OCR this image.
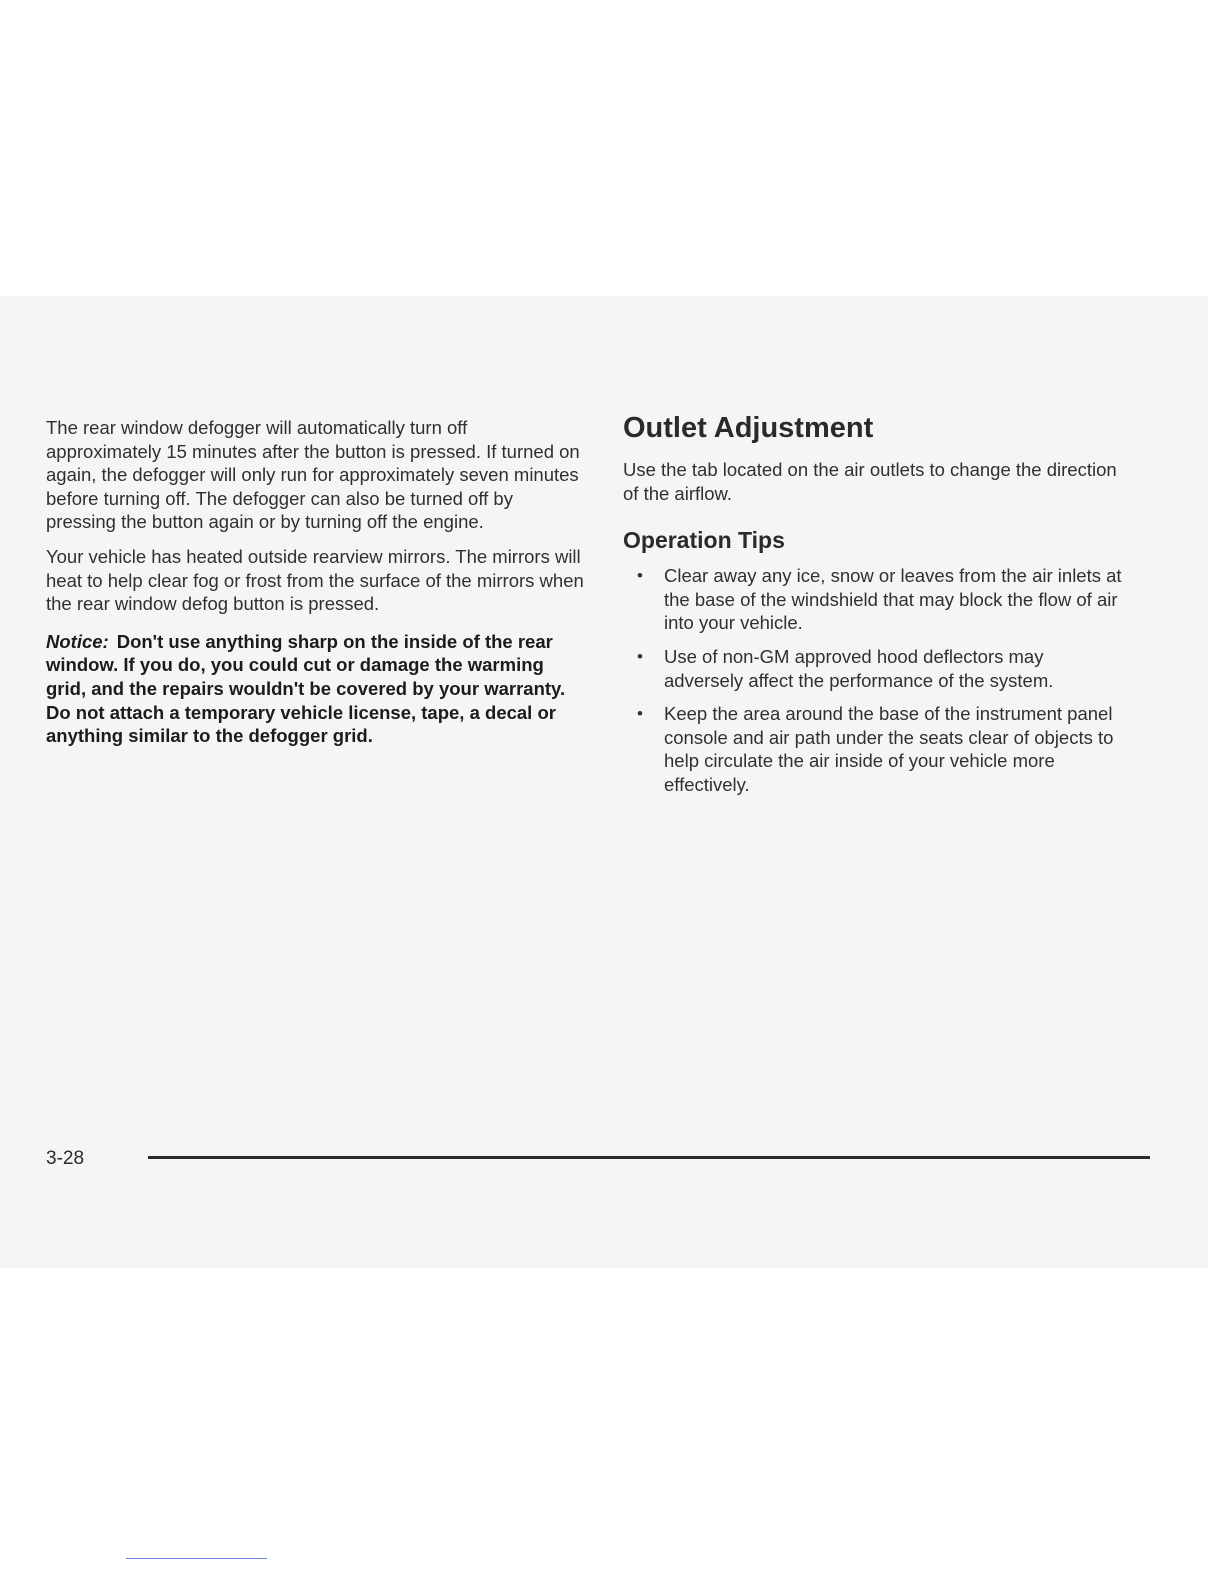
The rear window defogger will automatically turn off approximately 15 minutes after the button is pressed. If turned on again, the defogger will only run for approximately seven minutes before turning off. The defogger can also be turned off by pressing the button again or by turning off the engine.

Your vehicle has heated outside rearview mirrors. The mirrors will heat to help clear fog or frost from the surface of the mirrors when the rear window defog button is pressed.

Notice: Don't use anything sharp on the inside of the rear window. If you do, you could cut or damage the warming grid, and the repairs wouldn't be covered by your warranty. Do not attach a temporary vehicle license, tape, a decal or anything similar to the defogger grid.
Outlet Adjustment

Use the tab located on the air outlets to change the direction of the airflow.

Operation Tips
• Clear away any ice, snow or leaves from the air inlets at the base of the windshield that may block the flow of air into your vehicle.
• Use of non-GM approved hood deflectors may adversely affect the performance of the system.
• Keep the area around the base of the instrument panel console and air path under the seats clear of objects to help circulate the air inside of your vehicle more effectively.
3-28
